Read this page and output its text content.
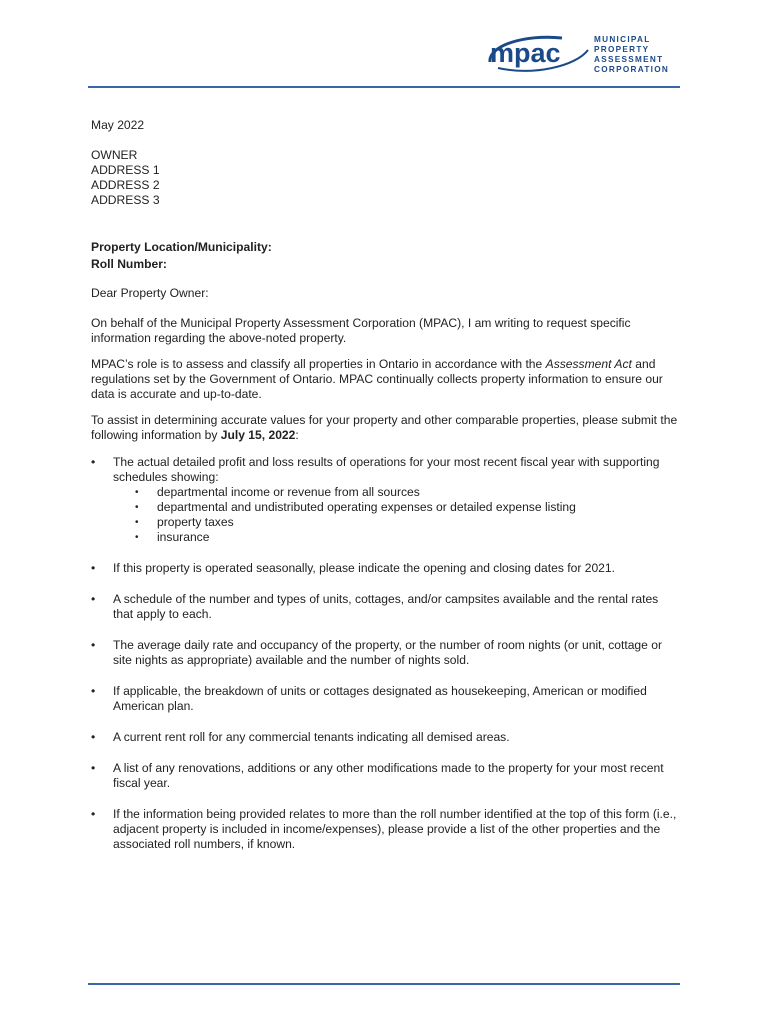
mpac	MUNICIPAL
PROPERTY
ASSESSMENT
CORPORATION

May 2022

OWNER

ADDRESS 1

ADDRESS 2

ADDRESS 3

Property Location/Municipality:

Roll Number:

Dear Property Owner:

On behalf of the Municipal Property Assessment Corporation (MPAC), I am writing to request specific information regarding the above-noted property.

MPAC’s role is to assess and classify all properties in Ontario in accordance with the Assessment Act and regulations set by the Government of Ontario. MPAC continually collects property information to ensure our data is accurate and up-to-date.

To assist in determining accurate values for your property and other comparable properties, please submit the following information by July 15, 2022:

• The actual detailed profit and loss results of operations for your most recent fiscal year with supporting schedules showing:
• departmental income or revenue from all sources
• departmental and undistributed operating expenses or detailed expense listing
• property taxes
• insurance
• If this property is operated seasonally, please indicate the opening and closing dates for 2021.
• A schedule of the number and types of units, cottages, and/or campsites available and the rental rates that apply to each.
• The average daily rate and occupancy of the property, or the number of room nights (or unit, cottage or site nights as appropriate) available and the number of nights sold.
• If applicable, the breakdown of units or cottages designated as housekeeping, American or modified American plan.
• A current rent roll for any commercial tenants indicating all demised areas.
• A list of any renovations, additions or any other modifications made to the property for your most recent fiscal year.
• If the information being provided relates to more than the roll number identified at the top of this form (i.e., adjacent property is included in income/expenses), please provide a list of the other properties and the associated roll numbers, if known.
